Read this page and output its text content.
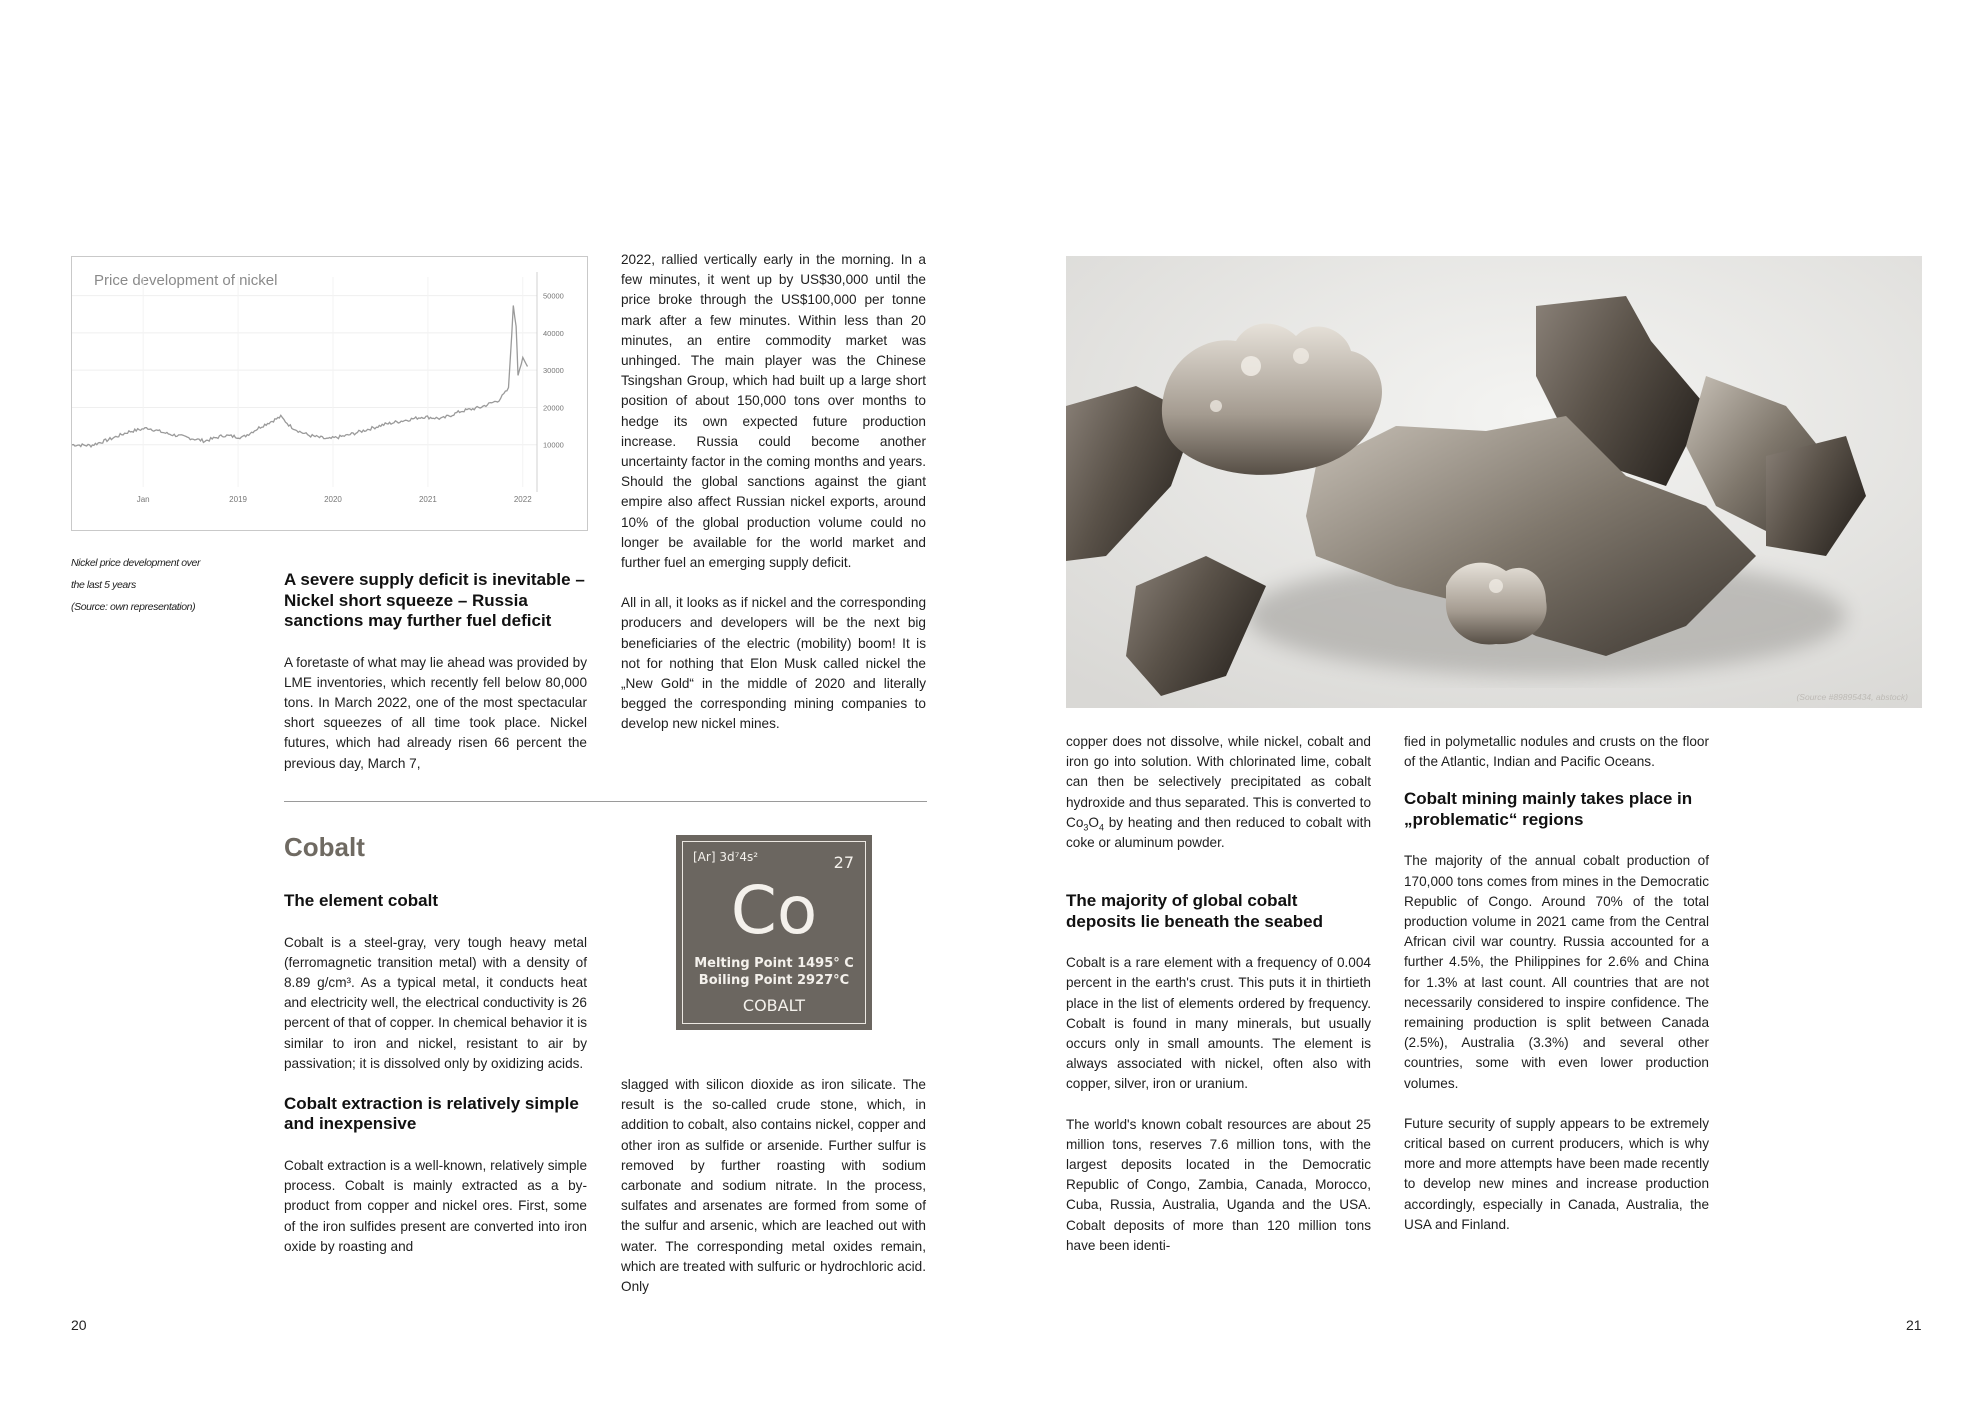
Price development of nickel
10000
20000
30000
40000
50000
Jan	2019	2020	2021	2022
Nickel price development over
the last 5 years
(Source: own representation)
A severe supply deficit is inevitable – Nickel short squeeze – Russia sanctions may further fuel deficit

A foretaste of what may lie ahead was provided by LME inventories, which recently fell below 80,000 tons. In March 2022, one of the most spectacular short squeezes of all time took place. Nickel futures, which had already risen 66 percent the previous day, March 7,

2022, rallied vertically early in the morning. In a few minutes, it went up by US$30,000 until the price broke through the US$100,000 per tonne mark after a few minutes. Within less than 20 minutes, an entire commodity market was unhinged. The main player was the Chinese Tsingshan Group, which had built up a large short position of about 150,000 tons over months to hedge its own expected future production increase. Russia could become another uncertainty factor in the coming months and years. Should the global sanctions against the giant empire also affect Russian nickel exports, around 10% of the global production volume could no longer be available for the world market and further fuel an emerging supply deficit.

All in all, it looks as if nickel and the corresponding producers and developers will be the next big beneficiaries of the electric (mobility) boom! It is not for nothing that Elon Musk called nickel the „New Gold“ in the middle of 2020 and literally begged the corresponding mining companies to develop new nickel mines.

Cobalt
The element cobalt

Cobalt is a steel-gray, very tough heavy metal (ferromagnetic transition metal) with a density of 8.89 g/cm³. As a typical metal, it conducts heat and electricity well, the electrical conductivity is 26 percent of that of copper. In chemical behavior it is similar to iron and nickel, resistant to air by passivation; it is dissolved only by oxidizing acids.

Cobalt extraction is relatively simple and inexpensive

Cobalt extraction is a well-known, relatively simple process. Cobalt is mainly extracted as a by-product from copper and nickel ores. First, some of the iron sulfides present are converted into iron oxide by roasting and

[Ar] 3d⁷4s²	27
Co
Melting Point 1495° C
Boiling Point 2927°C
COBALT

slagged with silicon dioxide as iron silicate. The result is the so-called crude stone, which, in addition to cobalt, also contains nickel, copper and other iron as sulfide or arsenide. Further sulfur is removed by further roasting with sodium carbonate and sodium nitrate. In the process, sulfates and arsenates are formed from some of the sulfur and arsenic, which are leached out with water. The corresponding metal oxides remain, which are treated with sulfuric or hydrochloric acid. Only

20
(Source #89895434, abstock)

copper does not dissolve, while nickel, cobalt and iron go into solution. With chlorinated lime, cobalt can then be selectively precipitated as cobalt hydroxide and thus separated. This is converted to $Co_3O_4$ by heating and then reduced to cobalt with coke or aluminum powder.

The majority of global cobalt deposits lie beneath the seabed

Cobalt is a rare element with a frequency of 0.004 percent in the earth's crust. This puts it in thirtieth place in the list of elements ordered by frequency. Cobalt is found in many minerals, but usually occurs only in small amounts. The element is always associated with nickel, often also with copper, silver, iron or uranium.

The world's known cobalt resources are about 25 million tons, reserves 7.6 million tons, with the largest deposits located in the Democratic Republic of Congo, Zambia, Canada, Morocco, Cuba, Russia, Australia, Uganda and the USA. Cobalt deposits of more than 120 million tons have been identi-

fied in polymetallic nodules and crusts on the floor of the Atlantic, Indian and Pacific Oceans.

Cobalt mining mainly takes place in „problematic“ regions

The majority of the annual cobalt production of 170,000 tons comes from mines in the Democratic Republic of Congo. Around 70% of the total production volume in 2021 came from the Central African civil war country. Russia accounted for a further 4.5%, the Philippines for 2.6% and China for 1.3% at last count. All countries that are not necessarily considered to inspire confidence. The remaining production is split between Canada (2.5%), Australia (3.3%) and several other countries, some with even lower production volumes.

Future security of supply appears to be extremely critical based on current producers, which is why more and more attempts have been made recently to develop new mines and increase production accordingly, especially in Canada, Australia, the USA and Finland.

21
